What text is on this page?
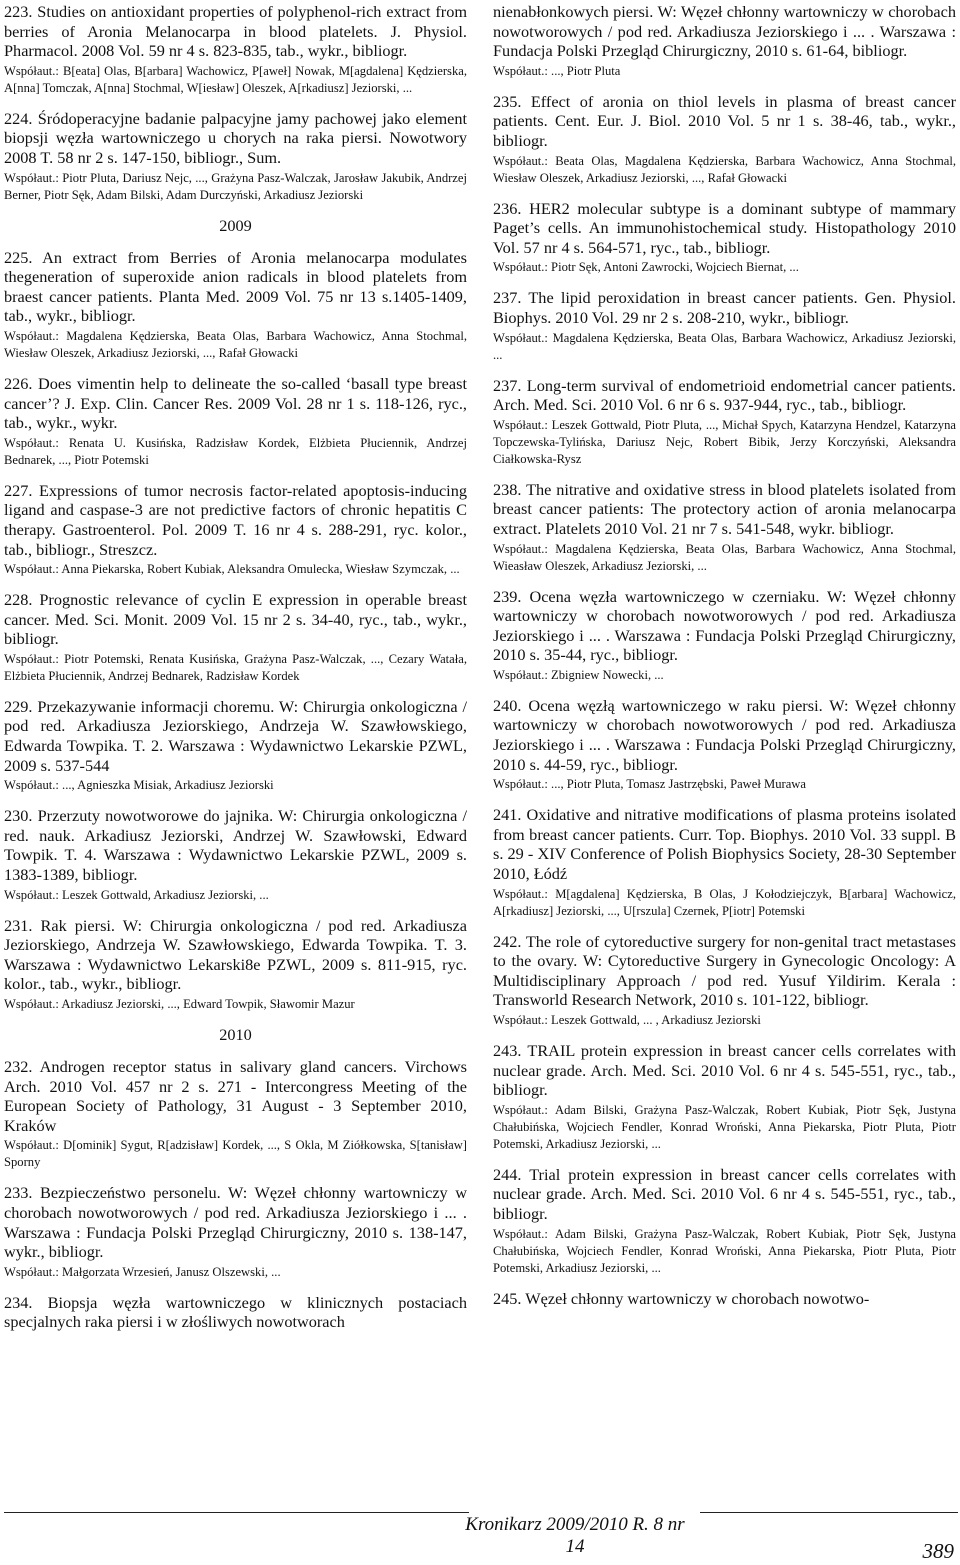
223. Studies on antioxidant properties of polyphenol-rich extract from berries of Aronia Melanocarpa in blood platelets. J. Physiol. Pharmacol. 2008 Vol. 59 nr 4 s. 823-835, tab., wykr., bibliogr.
Współaut.: B[eata] Olas, B[arbara] Wachowicz, P[aweł] Nowak, M[agdalena] Kędzierska, A[nna] Tomczak, A[nna] Stochmal, W[iesław] Oleszek, A[rkadiusz] Jeziorski, ...
224. Śródoperacyjne badanie palpacyjne jamy pachowej jako element biopsji węzła wartowniczego u chorych na raka piersi. Nowotwory 2008 T. 58 nr 2 s. 147-150, bibliogr., Sum.
Współaut.: Piotr Pluta, Dariusz Nejc, ..., Grażyna Pasz-Walczak, Jarosław Jakubik, Andrzej Berner, Piotr Sęk, Adam Bilski, Adam Durczyński, Arkadiusz Jeziorski
2009
225. An extract from Berries of Aronia melanocarpa modulates thegeneration of superoxide anion radicals in blood platelets from braest cancer patients. Planta Med. 2009 Vol. 75 nr 13 s.1405-1409, tab., wykr., bibliogr.
Współaut.: Magdalena Kędzierska, Beata Olas, Barbara Wachowicz, Anna Stochmal, Wiesław Oleszek, Arkadiusz Jeziorski, ..., Rafał Głowacki
226. Does vimentin help to delineate the so-called ‘basall type breast cancer’? J. Exp. Clin. Cancer Res. 2009 Vol. 28 nr 1 s. 118-126, ryc., tab., wykr., wykr.
Współaut.: Renata U. Kusińska, Radzisław Kordek, Elżbieta Płuciennik, Andrzej Bednarek, ..., Piotr Potemski
227. Expressions of tumor necrosis factor-related apoptosis-inducing ligand and caspase-3 are not predictive factors of chronic hepatitis C therapy. Gastroenterol. Pol. 2009 T. 16 nr 4 s. 288-291, ryc. kolor., tab., bibliogr., Streszcz.
Współaut.: Anna Piekarska, Robert Kubiak, Aleksandra Omulecka, Wiesław Szymczak, ...
228. Prognostic relevance of cyclin E expression in operable breast cancer. Med. Sci. Monit. 2009 Vol. 15 nr 2 s. 34-40, ryc., tab., wykr., bibliogr.
Współaut.: Piotr Potemski, Renata Kusińska, Grażyna Pasz-Walczak, ..., Cezary Watała, Elżbieta Płuciennik, Andrzej Bednarek, Radzisław Kordek
229. Przekazywanie informacji choremu. W: Chirurgia onkologiczna / pod red. Arkadiusza Jeziorskiego, Andrzeja W. Szawłowskiego, Edwarda Towpika. T. 2. Warszawa : Wydawnictwo Lekarskie PZWL, 2009 s. 537-544
Współaut.: ..., Agnieszka Misiak, Arkadiusz Jeziorski
230. Przerzuty nowotworowe do jajnika. W: Chirurgia onkologiczna / red. nauk. Arkadiusz Jeziorski, Andrzej W. Szawłowski, Edward Towpik. T. 4. Warszawa : Wydawnictwo Lekarskie PZWL, 2009 s. 1383-1389, bibliogr.
Współaut.: Leszek Gottwald, Arkadiusz Jeziorski, ...
231. Rak piersi. W: Chirurgia onkologiczna / pod red. Arkadiusza Jeziorskiego, Andrzeja W. Szawłowskiego, Edwarda Towpika. T. 3. Warszawa : Wydawnictwo Lekarski8e PZWL, 2009 s. 811-915, ryc. kolor., tab., wykr., bibliogr.
Współaut.: Arkadiusz Jeziorski, ..., Edward Towpik, Sławomir Mazur
2010
232. Androgen receptor status in salivary gland cancers. Virchows Arch. 2010 Vol. 457 nr 2 s. 271 - Intercongress Meeting of the European Society of Pathology, 31 August - 3 September 2010, Kraków
Współaut.: D[ominik] Sygut, R[adzisław] Kordek, ..., S Okla, M Ziółkowska, S[tanisław] Sporny
233. Bezpieczeństwo personelu. W: Węzeł chłonny wartowniczy w chorobach nowotworowych / pod red. Arkadiusza Jeziorskiego i ... . Warszawa : Fundacja Polski Przegląd Chirurgiczny, 2010 s. 138-147, wykr., bibliogr.
Współaut.: Małgorzata Wrzesień, Janusz Olszewski, ...
234. Biopsja węzła wartowniczego w klinicznych postaciach specjalnych raka piersi i w złośliwych nowotworach
nienabłonkowych piersi. W: Węzeł chłonny wartowniczy w chorobach nowotworowych / pod red. Arkadiusza Jeziorskiego i ... . Warszawa : Fundacja Polski Przegląd Chirurgiczny, 2010 s. 61-64, bibliogr.
Współaut.: ..., Piotr Pluta
235. Effect of aronia on thiol levels in plasma of breast cancer patients. Cent. Eur. J. Biol. 2010 Vol. 5 nr 1 s. 38-46, tab., wykr., bibliogr.
Współaut.: Beata Olas, Magdalena Kędzierska, Barbara Wachowicz, Anna Stochmal, Wiesław Oleszek, Arkadiusz Jeziorski, ..., Rafał Głowacki
236. HER2 molecular subtype is a dominant subtype of mammary Paget’s cells. An immunohistochemical study. Histopathology 2010 Vol. 57 nr 4 s. 564-571, ryc., tab., bibliogr.
Współaut.: Piotr Sęk, Antoni Zawrocki, Wojciech Biernat, ...
237. The lipid peroxidation in breast cancer patients. Gen. Physiol. Biophys. 2010 Vol. 29 nr 2 s. 208-210, wykr., bibliogr.
Współaut.: Magdalena Kędzierska, Beata Olas, Barbara Wachowicz, Arkadiusz Jeziorski, ...
237. Long-term survival of endometrioid endometrial cancer patients. Arch. Med. Sci. 2010 Vol. 6 nr 6 s. 937-944, ryc., tab., bibliogr.
Współaut.: Leszek Gottwald, Piotr Pluta, ..., Michał Spych, Katarzyna Hendzel, Katarzyna Topczewska-Tylińska, Dariusz Nejc, Robert Bibik, Jerzy Korczyński, Aleksandra Ciałkowska-Rysz
238. The nitrative and oxidative stress in blood platelets isolated from breast cancer patients: The protectory action of aronia melanocarpa extract. Platelets 2010 Vol. 21 nr 7 s. 541-548, wykr. bibliogr.
Współaut.: Magdalena Kędzierska, Beata Olas, Barbara Wachowicz, Anna Stochmal, Wieasław Oleszek, Arkadiusz Jeziorski, ...
239. Ocena węzła wartowniczego w czerniaku. W: Węzeł chłonny wartowniczy w chorobach nowotworowych / pod red. Arkadiusza Jeziorskiego i ... . Warszawa : Fundacja Polski Przegląd Chirurgiczny, 2010 s. 35-44, ryc., bibliogr.
Współaut.: Zbigniew Nowecki, ...
240. Ocena węzłą wartowniczego w raku piersi. W: Węzeł chłonny wartowniczy w chorobach nowotworowych / pod red. Arkadiusza Jeziorskiego i ... . Warszawa : Fundacja Polski Przegląd Chirurgiczny, 2010 s. 44-59, ryc., bibliogr.
Współaut.: ..., Piotr Pluta, Tomasz Jastrzębski, Paweł Murawa
241. Oxidative and nitrative modifications of plasma proteins isolated from breast cancer patients. Curr. Top. Biophys. 2010 Vol. 33 suppl. B s. 29 - XIV Conference of Polish Biophysics Society, 28-30 September 2010, Łódź
Współaut.: M[agdalena] Kędzierska, B Olas, J Kołodziejczyk, B[arbara] Wachowicz, A[rkadiusz] Jeziorski, ..., U[rszula] Czernek, P[iotr] Potemski
242. The role of cytoreductive surgery for non-genital tract metastases to the ovary. W: Cytoreductive Surgery in Gynecologic Oncology: A Multidisciplinary Approach / pod red. Yusuf Yildirim. Kerala : Transworld Research Network, 2010 s. 101-122, bibliogr.
Współaut.: Leszek Gottwald, ... , Arkadiusz Jeziorski
243. TRAIL protein expression in breast cancer cells correlates with nuclear grade. Arch. Med. Sci. 2010 Vol. 6 nr 4 s. 545-551, ryc., tab., bibliogr.
Współaut.: Adam Bilski, Grażyna Pasz-Walczak, Robert Kubiak, Piotr Sęk, Justyna Chałubińska, Wojciech Fendler, Konrad Wroński, Anna Piekarska, Piotr Pluta, Piotr Potemski, Arkadiusz Jeziorski, ...
244. Trial protein expression in breast cancer cells correlates with nuclear grade. Arch. Med. Sci. 2010 Vol. 6 nr 4 s. 545-551, ryc., tab., bibliogr.
Współaut.: Adam Bilski, Grażyna Pasz-Walczak, Robert Kubiak, Piotr Sęk, Justyna Chałubińska, Wojciech Fendler, Konrad Wroński, Anna Piekarska, Piotr Pluta, Piotr Potemski, Arkadiusz Jeziorski, ...
245. Węzeł chłonny wartowniczy w chorobach nowotwo-
Kronikarz 2009/2010 R. 8 nr 14	389
